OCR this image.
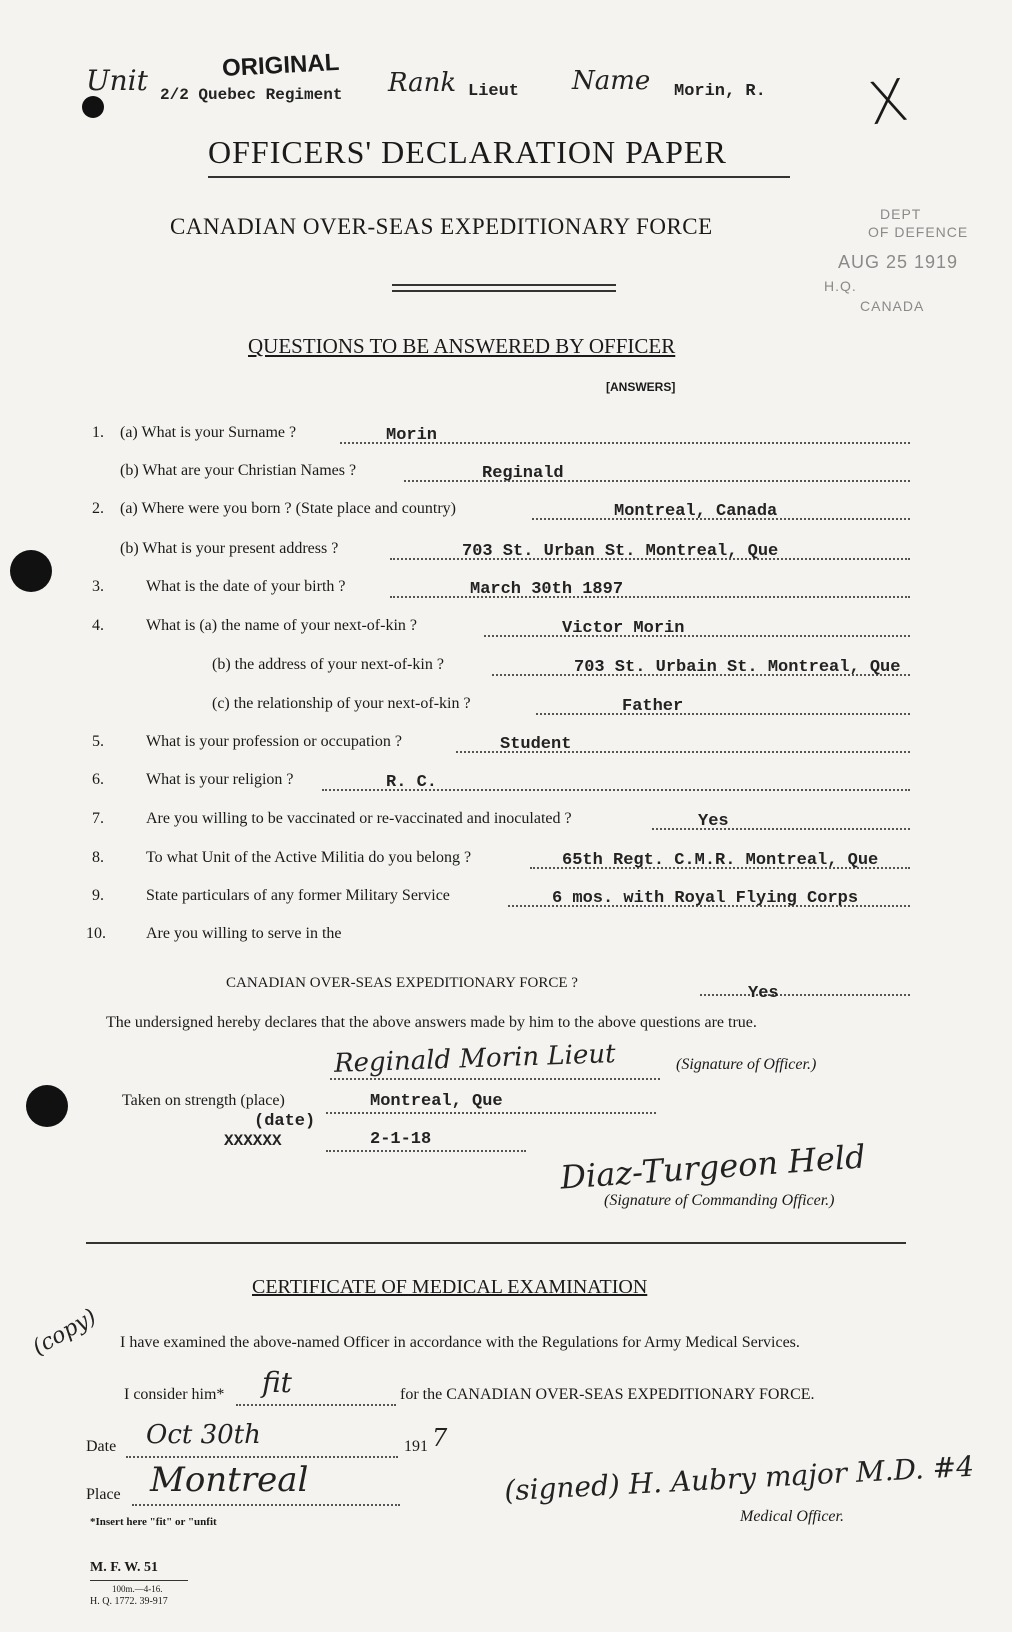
Unit	ORIGINAL
2/2 Quebec Regiment Rank Lieut Name Morin, R. X
OFFICERS' DECLARATION PAPER
CANADIAN OVER-SEAS EXPEDITIONARY FORCE	DEPT
OF DEFENCE
AUG 25 1919
H.Q.
CANADA
QUESTIONS TO BE ANSWERED BY OFFICER
[ANSWERS]
1. (a) What is your Surname ?	Morin
(b) What are your Christian Names ?	Reginald
2. (a) Where were you born ? (State place and country)	Montreal, Canada
(b) What is your present address ?	703 St. Urban St. Montreal, Que
3.	What is the date of your birth ?	March 30th 1897
4.	What is (a) the name of your next-of-kin ?	Victor Morin
(b) the address of your next-of-kin ?	703 St. Urbain St. Montreal, Que
(c) the relationship of your next-of-kin ?	Father
5.	What is your profession or occupation ?	Student
6.	What is your religion ?	R. C.
7.	Are you willing to be vaccinated or re-vaccinated and inoculated ?	Yes
8.	To what Unit of the Active Militia do you belong ?	65th Regt. C.M.R. Montreal, Que
9.	State particulars of any former Military Service	6 mos. with Royal Flying Corps
10.	Are you willing to serve in the
CANADIAN OVER-SEAS EXPEDITIONARY FORCE ?
Yes
The undersigned hereby declares that the above answers made by him to the above questions are true.
Reginald Morin Lieut	(Signature of Officer.)
Taken on strength (place)	Montreal, Que
(date)
XXXXXX	2-1-18	Diaz-Turgeon Held
(Signature of Commanding Officer.)
CERTIFICATE OF MEDICAL EXAMINATION
(copy) I have examined the above-named Officer in accordance with the Regulations for Army Medical Services.
I consider him* fit	for the CANADIAN OVER-SEAS EXPEDITIONARY FORCE.
Date Oct 30th	191 7
Place Montreal	(signed) H. Aubry major M.D. #4
Medical Officer.
*Insert here "fit" or "unfit
M. F. W. 51
100m.—4-16.
H. Q. 1772. 39-917
